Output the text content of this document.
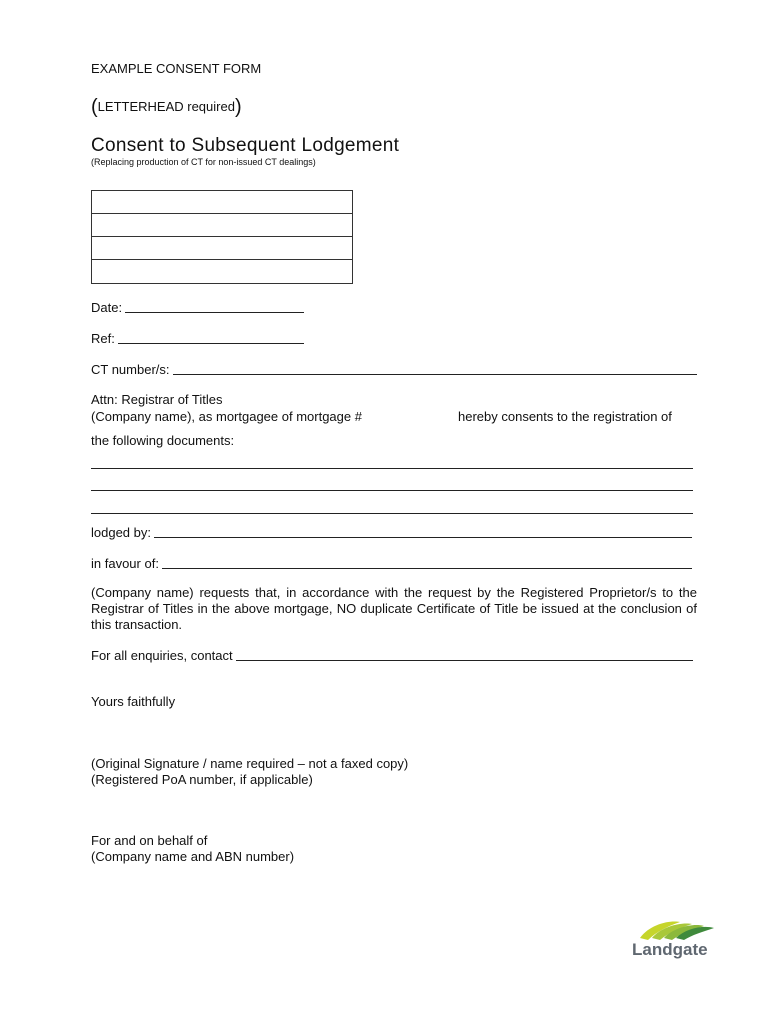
EXAMPLE CONSENT FORM
(LETTERHEAD required)
Consent to Subsequent Lodgement
(Replacing production of CT for non-issued CT dealings)
Date:
Ref:
CT number/s:
Attn: Registrar of Titles
(Company name), as mortgagee of mortgage #	hereby consents to the registration of
the following documents:
lodged by:
in favour of:
(Company name) requests that, in accordance with the request by the Registered Proprietor/s to the Registrar of Titles in the above mortgage, NO duplicate Certificate of Title be issued at the conclusion of this transaction.
For all enquiries, contact
Yours faithfully
(Original Signature / name required – not a faxed copy)
(Registered PoA number, if applicable)
For and on behalf of
(Company name and ABN number)
Landgate
